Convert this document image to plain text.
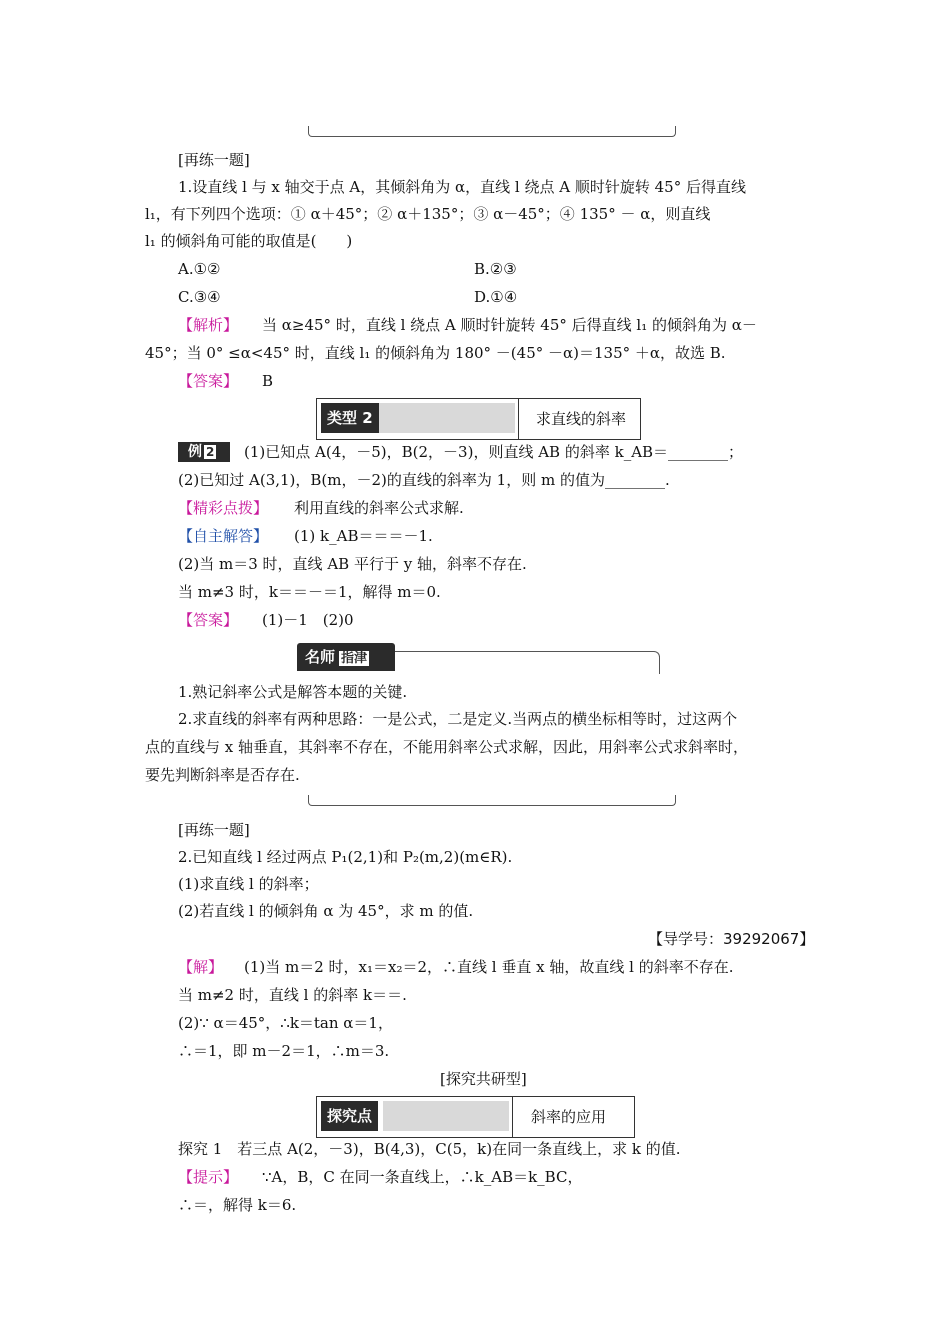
[再练一题]
1.设直线 l 与 x 轴交于点 A，其倾斜角为 α，直线 l 绕点 A 顺时针旋转 45° 后得直线
l₁，有下列四个选项：① α＋45°；② α＋135°；③ α－45°；④ 135° － α，则直线
l₁ 的倾斜角可能的取值是(　　)
A.①②	B.②③
C.③④	D.①④
【解析】 当 α≥45° 时，直线 l 绕点 A 顺时针旋转 45° 后得直线 l₁ 的倾斜角为 α－
45°；当 0° ≤α<45° 时，直线 l₁ 的倾斜角为 180° －(45° －α)＝135° ＋α，故选 B.
【答案】 B
类型 2	求直线的斜率
例 2	(1)已知点 A(4，－5)，B(2，－3)，则直线 AB 的斜率 k_AB＝________；
(2)已知过 A(3,1)，B(m，－2)的直线的斜率为 1，则 m 的值为________.
【精彩点拨】 利用直线的斜率公式求解.
【自主解答】 (1) k_AB＝＝＝－1.
(2)当 m＝3 时，直线 AB 平行于 y 轴，斜率不存在.
当 m≠3 时，k＝＝－＝1，解得 m＝0.
【答案】 (1)－1　(2)0
名师 指津
1.熟记斜率公式是解答本题的关键.
2.求直线的斜率有两种思路：一是公式，二是定义.当两点的横坐标相等时，过这两个
点的直线与 x 轴垂直，其斜率不存在，不能用斜率公式求解，因此，用斜率公式求斜率时，
要先判断斜率是否存在.
[再练一题]
2.已知直线 l 经过两点 P₁(2,1)和 P₂(m,2)(m∈R).
(1)求直线 l 的斜率；
(2)若直线 l 的倾斜角 α 为 45°，求 m 的值.
【导学号：39292067】
【解】 (1)当 m＝2 时，x₁＝x₂＝2，∴直线 l 垂直 x 轴，故直线 l 的斜率不存在.
当 m≠2 时，直线 l 的斜率 k＝＝.
(2)∵ α＝45°，∴k＝tan α＝1，
∴＝1，即 m－2＝1，∴m＝3.
[探究共研型]
探究点	斜率的应用
探究 1　若三点 A(2，－3)，B(4,3)，C(5，k)在同一条直线上，求 k 的值.
【提示】 ∵A，B，C 在同一条直线上，∴k_AB＝k_BC，
∴＝，解得 k＝6.
